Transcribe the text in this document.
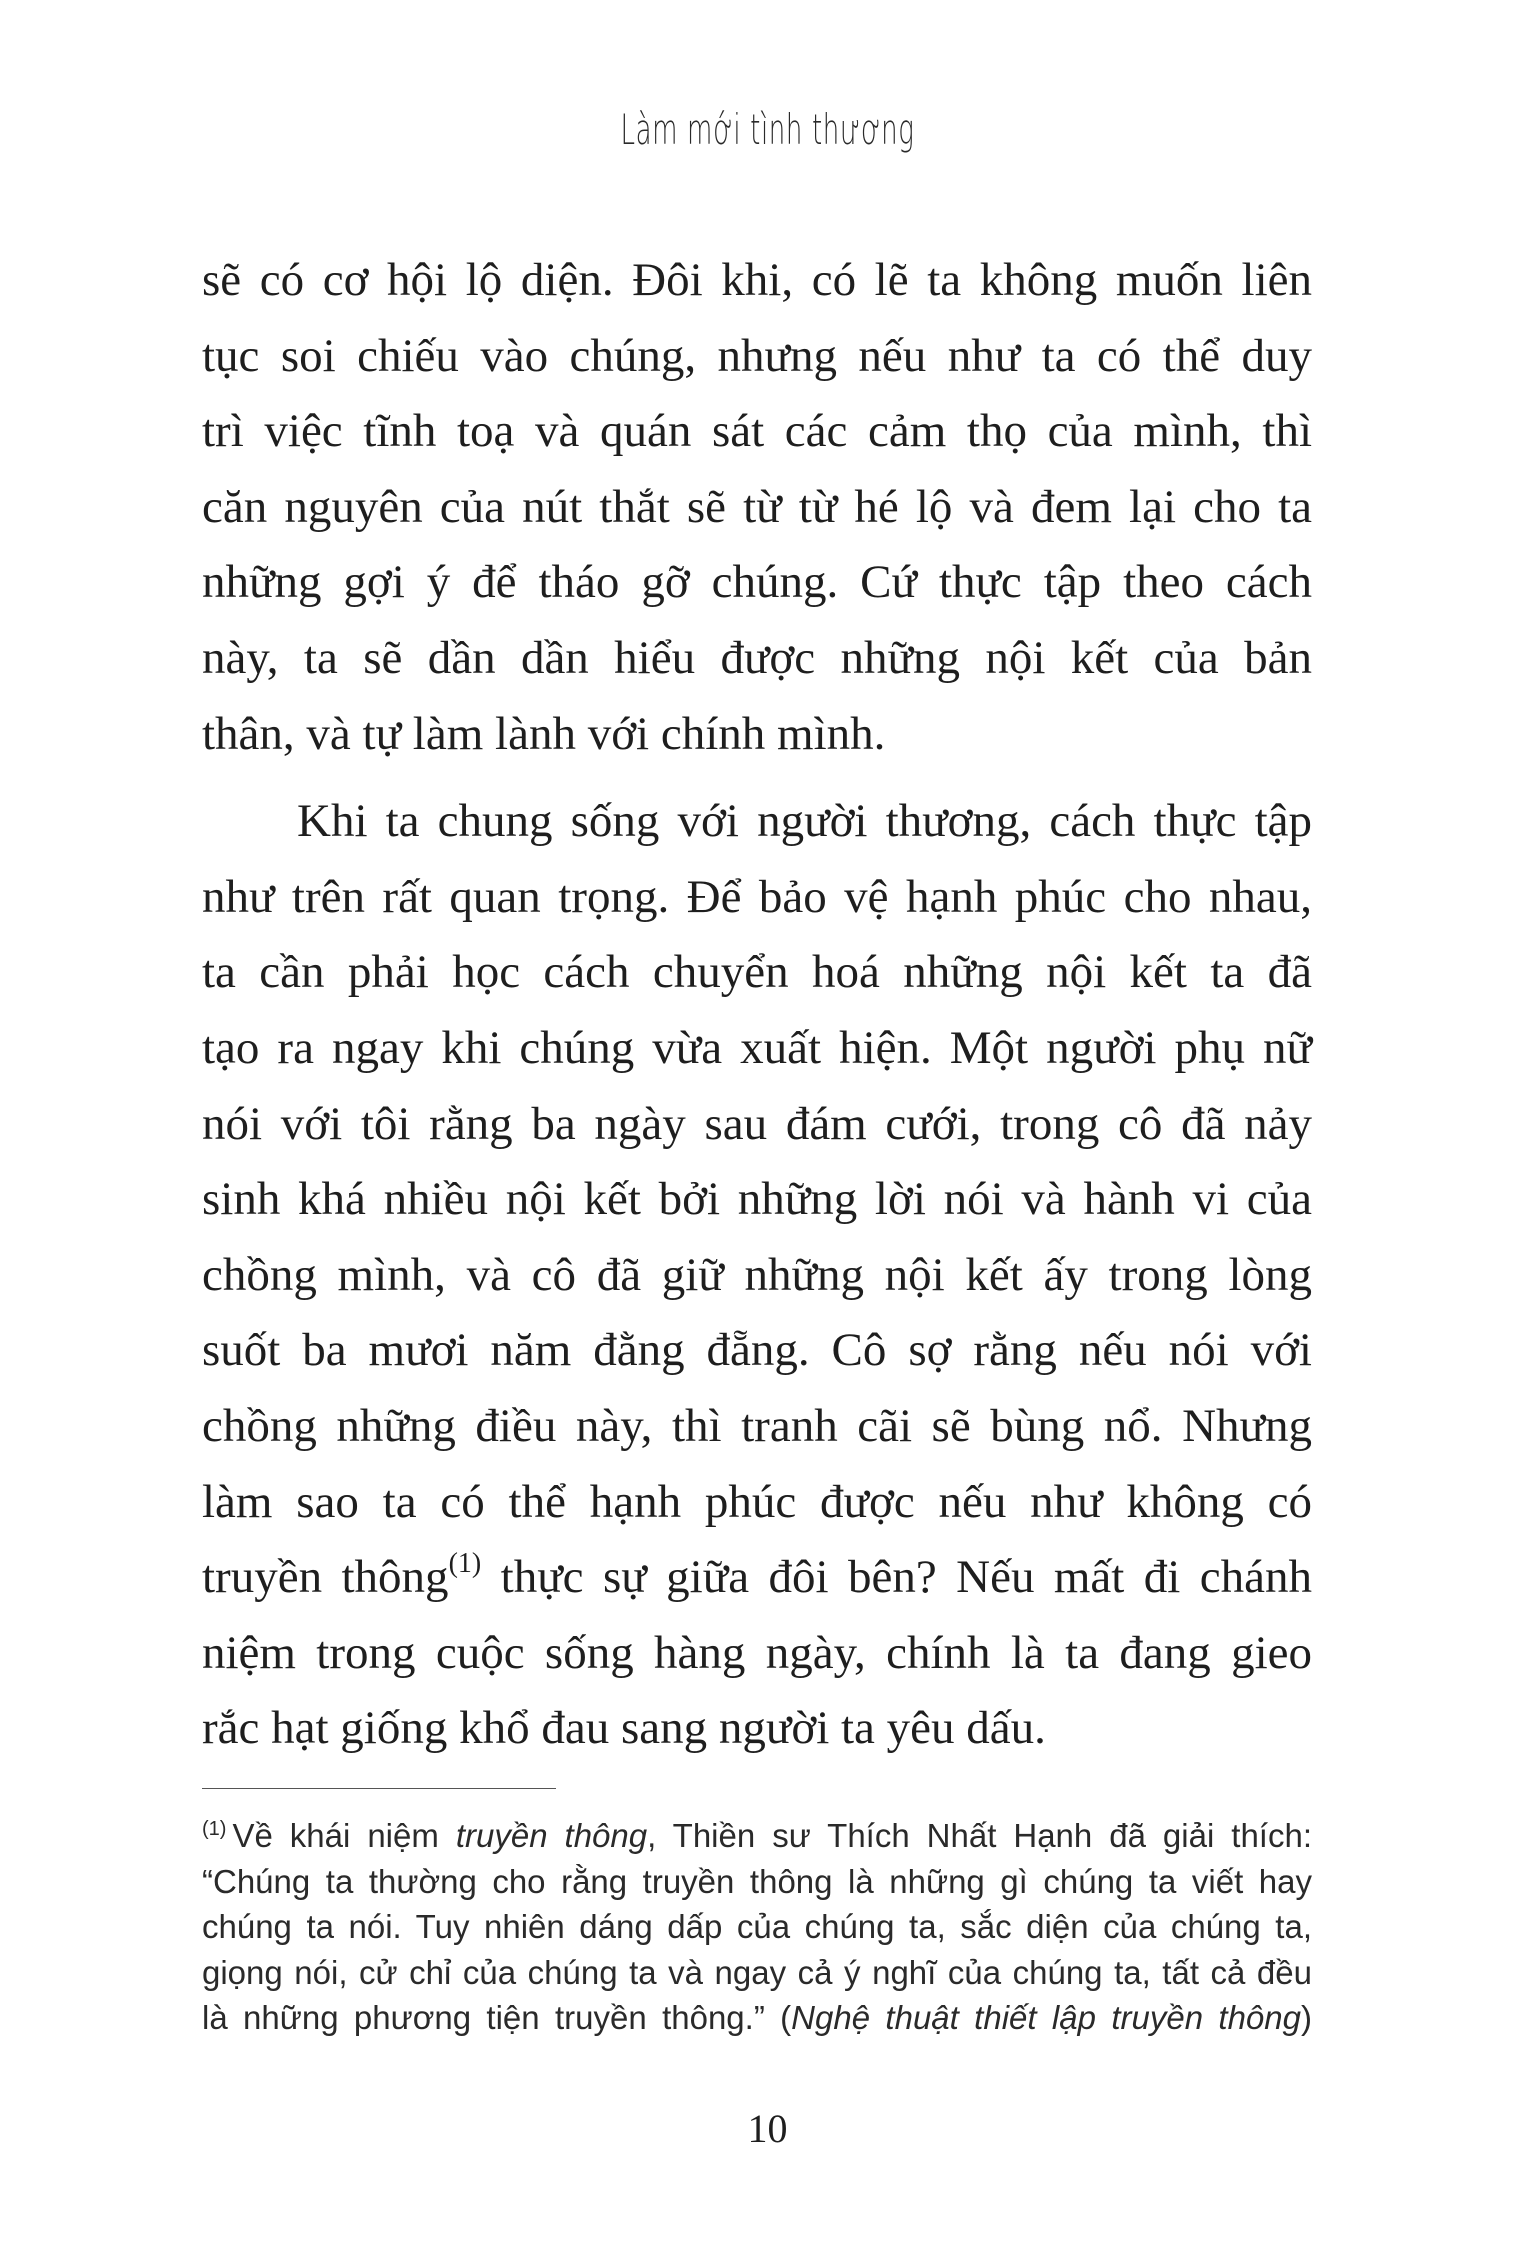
Làm mới tình thương
sẽ có cơ hội lộ diện. Đôi khi, có lẽ ta không muốn liên
tục soi chiếu vào chúng, nhưng nếu như ta có thể duy
trì việc tĩnh toạ và quán sát các cảm thọ của mình, thì
căn nguyên của nút thắt sẽ từ từ hé lộ và đem lại cho ta
những gợi ý để tháo gỡ chúng. Cứ thực tập theo cách
này, ta sẽ dần dần hiểu được những nội kết của bản
thân, và tự làm lành với chính mình.
Khi ta chung sống với người thương, cách thực tập
như trên rất quan trọng. Để bảo vệ hạnh phúc cho nhau,
ta cần phải học cách chuyển hoá những nội kết ta đã
tạo ra ngay khi chúng vừa xuất hiện. Một người phụ nữ
nói với tôi rằng ba ngày sau đám cưới, trong cô đã nảy
sinh khá nhiều nội kết bởi những lời nói và hành vi của
chồng mình, và cô đã giữ những nội kết ấy trong lòng
suốt ba mươi năm đằng đẵng. Cô sợ rằng nếu nói với
chồng những điều này, thì tranh cãi sẽ bùng nổ. Nhưng
làm sao ta có thể hạnh phúc được nếu như không có
truyền thông$^{(1)}$ thực sự giữa đôi bên? Nếu mất đi chánh
niệm trong cuộc sống hàng ngày, chính là ta đang gieo
rắc hạt giống khổ đau sang người ta yêu dấu.
$^{(1)}$ Về khái niệm truyền thông, Thiền sư Thích Nhất Hạnh đã giải thích:
“Chúng ta thường cho rằng truyền thông là những gì chúng ta viết hay
chúng ta nói. Tuy nhiên dáng dấp của chúng ta, sắc diện của chúng ta,
giọng nói, cử chỉ của chúng ta và ngay cả ý nghĩ của chúng ta, tất cả đều
là những phương tiện truyền thông.” (Nghệ thuật thiết lập truyền thông)
10
